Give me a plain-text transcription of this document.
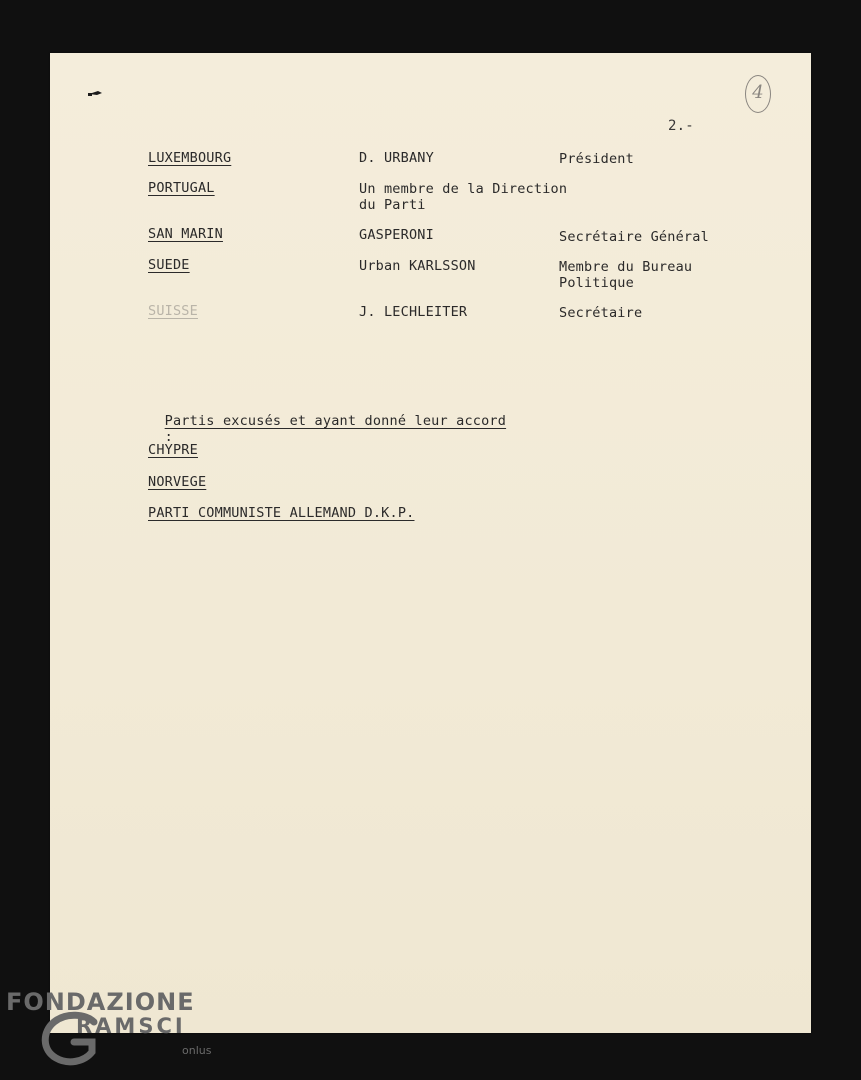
4
2.-
LUXEMBOURG	D. URBANY	Président
PORTUGAL	Un membre de la Direction
du Parti
SAN MARIN	GASPERONI	Secrétaire Général
SUEDE	Urban KARLSSON	Membre du Bureau
Politique
SUISSE	J. LECHLEITER	Secrétaire

Partis excusés et ayant donné leur accord
:

CHYPRE
NORVEGE
PARTI COMMUNISTE ALLEMAND D.K.P.
FONDAZIONE
RAMSCI
onlus
